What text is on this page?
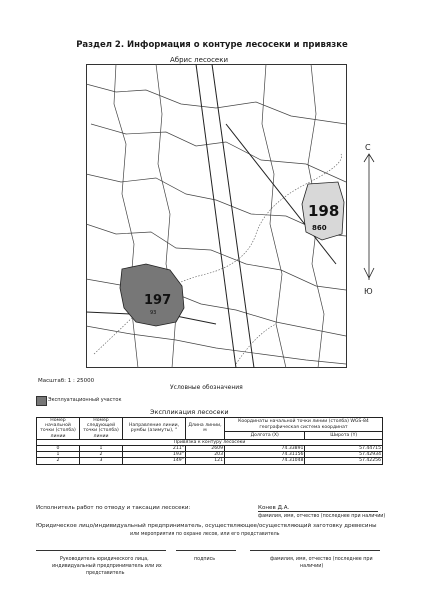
Раздел 2. Информация о контуре лесосеки и привязке
Абрис лесосеки
197
93
198
860
С
Ю
Масштаб: 1 : 25000
Условные обозначения
Эксплуатационный участок
Экспликация лесосеки
Номер начальной точки (столба) линии	Номер следующей точки (столба) линии	Направление линии, румбы (азимуты), °	Длина линии, м	Координаты начальной точки линии (столба) WGS-84 географическая система координат	
				Долгота (X)	Широта (Y)
Привязка к контуру лесосеки					
0	1	211°	2609	74.33891	57.44715
1	2	193°	203	74.31156	57.42934
2	3	149°	121	74.31048	57.42256
Исполнитель работ по отводу и таксации лесосеки:	Конев Д.А.
фамилия, имя, отчество (последнее при наличии)
Юридическое лицо/индивидуальный предприниматель, осуществляющее/осуществляющий заготовку древесины
или мероприятия по охране лесов, или его представитель
Руководитель юридического лица,
индивидуальный предприниматель или их
представитель
подпись	фамилия, имя, отчество (последнее при
наличии)
